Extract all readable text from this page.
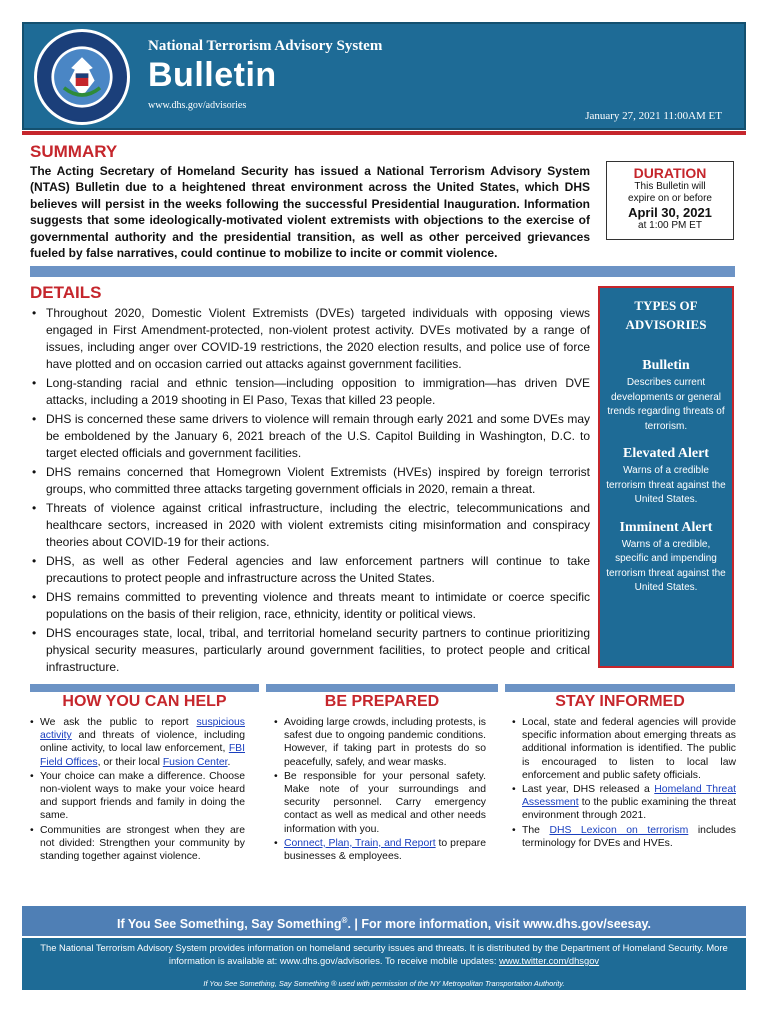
National Terrorism Advisory System
Bulletin
www.dhs.gov/advisories
January 27, 2021 11:00AM ET
SUMMARY
The Acting Secretary of Homeland Security has issued a National Terrorism Advisory System (NTAS) Bulletin due to a heightened threat environment across the United States, which DHS believes will persist in the weeks following the successful Presidential Inauguration. Information suggests that some ideologically-motivated violent extremists with objections to the exercise of governmental authority and the presidential transition, as well as other perceived grievances fueled by false narratives, could continue to mobilize to incite or commit violence.
DURATION
This Bulletin will
expire on or before
April 30, 2021
at 1:00 PM ET
DETAILS
• Throughout 2020, Domestic Violent Extremists (DVEs) targeted individuals with opposing views engaged in First Amendment-protected, non-violent protest activity. DVEs motivated by a range of issues, including anger over COVID-19 restrictions, the 2020 election results, and police use of force have plotted and on occasion carried out attacks against government facilities.
• Long-standing racial and ethnic tension—including opposition to immigration—has driven DVE attacks, including a 2019 shooting in El Paso, Texas that killed 23 people.
• DHS is concerned these same drivers to violence will remain through early 2021 and some DVEs may be emboldened by the January 6, 2021 breach of the U.S. Capitol Building in Washington, D.C. to target elected officials and government facilities.
• DHS remains concerned that Homegrown Violent Extremists (HVEs) inspired by foreign terrorist groups, who committed three attacks targeting government officials in 2020, remain a threat.
• Threats of violence against critical infrastructure, including the electric, telecommunications and healthcare sectors, increased in 2020 with violent extremists citing misinformation and conspiracy theories about COVID-19 for their actions.
• DHS, as well as other Federal agencies and law enforcement partners will continue to take precautions to protect people and infrastructure across the United States.
• DHS remains committed to preventing violence and threats meant to intimidate or coerce specific populations on the basis of their religion, race, ethnicity, identity or political views.
• DHS encourages state, local, tribal, and territorial homeland security partners to continue prioritizing physical security measures, particularly around government facilities, to protect people and critical infrastructure.
TYPES OF
ADVISORIES
Bulletin
Describes current developments or general trends regarding threats of terrorism.
Elevated Alert
Warns of a credible terrorism threat against the United States.
Imminent Alert
Warns of a credible, specific and impending terrorism threat against the United States.
HOW YOU CAN HELP	BE PREPARED	STAY INFORMED
• We ask the public to report suspicious activity and threats of violence, including online activity, to local law enforcement, FBI Field Offices, or their local Fusion Center.
• Your choice can make a difference. Choose non-violent ways to make your voice heard and support friends and family in doing the same.
• Communities are strongest when they are not divided: Strengthen your community by standing together against violence.
• Avoiding large crowds, including protests, is safest due to ongoing pandemic conditions. However, if taking part in protests do so peacefully, safely, and wear masks.
• Be responsible for your personal safety. Make note of your surroundings and security personnel. Carry emergency contact as well as medical and other needs information with you.
• Connect, Plan, Train, and Report to prepare businesses & employees.
• Local, state and federal agencies will provide specific information about emerging threats as additional information is identified. The public is encouraged to listen to local law enforcement and public safety officials.
• Last year, DHS released a Homeland Threat Assessment to the public examining the threat environment through 2021.
• The DHS Lexicon on terrorism includes terminology for DVEs and HVEs.
If You See Something, Say Something®. | For more information, visit www.dhs.gov/seesay.
The National Terrorism Advisory System provides information on homeland security issues and threats. It is distributed by the Department of Homeland Security. More information is available at: www.dhs.gov/advisories. To receive mobile updates: www.twitter.com/dhsgov
If You See Something, Say Something ® used with permission of the NY Metropolitan Transportation Authority.
